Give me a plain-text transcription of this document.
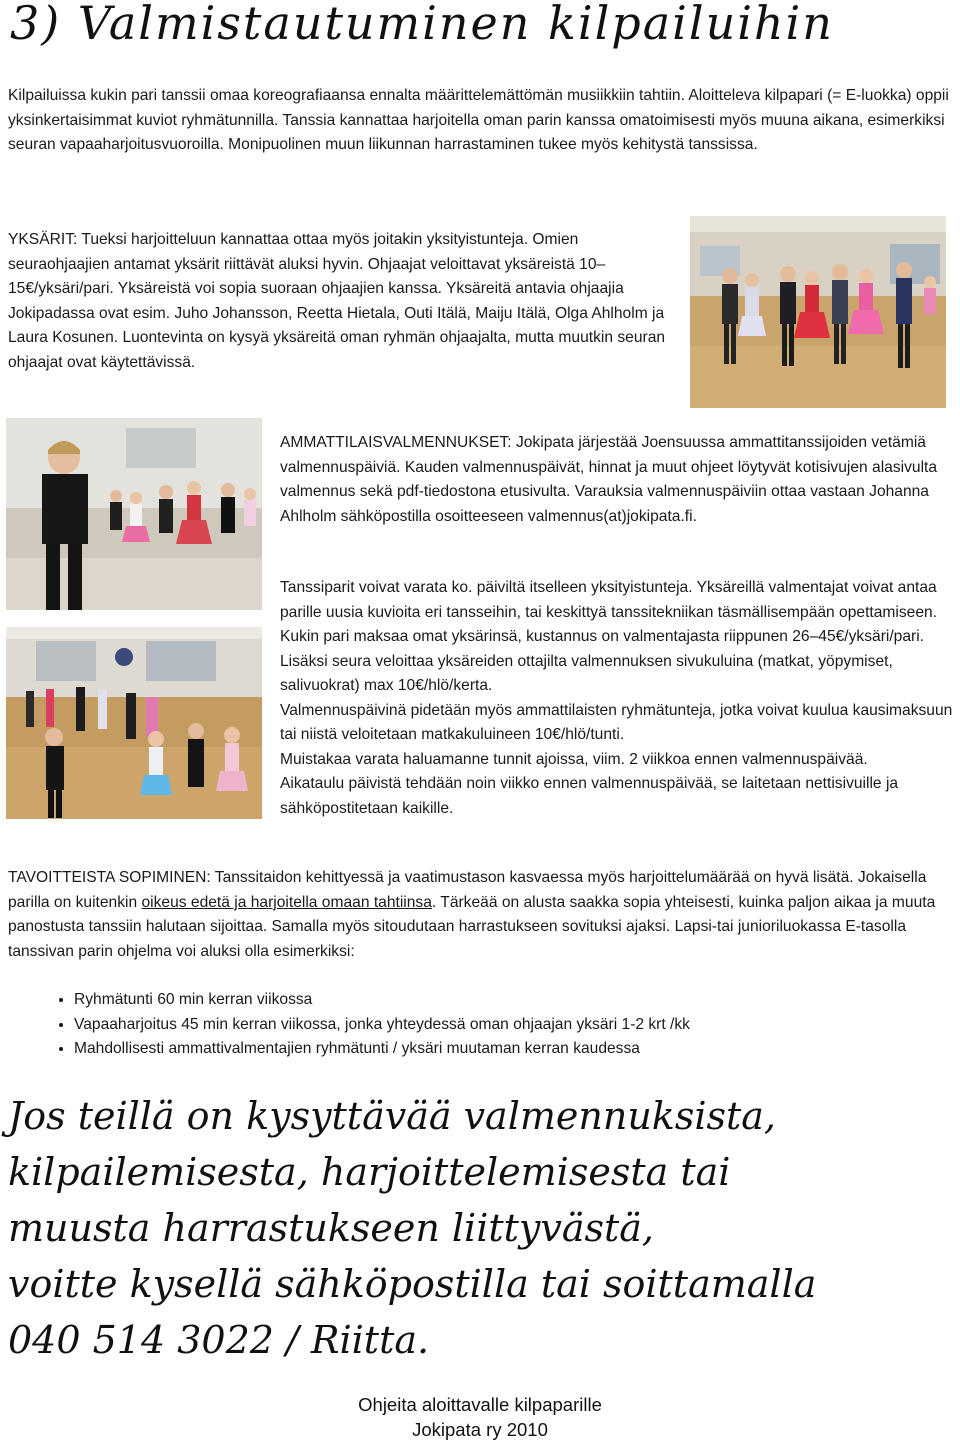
3) Valmistautuminen kilpailuihin

Kilpailuissa kukin pari tanssii omaa koreografiaansa ennalta määrittelemättömän musiikkiin tahtiin. Aloitteleva kilpapari (= E-luokka) oppii yksinkertaisimmat kuviot ryhmätunnilla. Tanssia kannattaa harjoitella oman parin kanssa omatoimisesti myös muuna aikana, esimerkiksi seuran vapaaharjoitusvuoroilla. Monipuolinen muun liikunnan harrastaminen tukee myös kehitystä tanssissa.

YKSÄRIT: Tueksi harjoitteluun kannattaa ottaa myös joitakin yksityistunteja. Omien seuraohjaajien antamat yksärit riittävät aluksi hyvin. Ohjaajat veloittavat yksäreistä 10–15€/yksäri/pari. Yksäreistä voi sopia suoraan ohjaajien kanssa. Yksäreitä antavia ohjaajia Jokipadassa ovat esim. Juho Johansson, Reetta Hietala, Outi Itälä, Maiju Itälä, Olga Ahlholm ja Laura Kosunen. Luontevinta on kysyä yksäreitä oman ryhmän ohjaajalta, mutta muutkin seuran ohjaajat ovat käytettävissä.

AMMATTILAISVALMENNUKSET: Jokipata järjestää Joensuussa ammattitanssijoiden vetämiä valmennuspäiviä. Kauden valmennuspäivät, hinnat ja muut ohjeet löytyvät kotisivujen alasivulta valmennus sekä pdf-tiedostona etusivulta. Varauksia valmennuspäiviin ottaa vastaan Johanna Ahlholm sähköpostilla osoitteeseen valmennus(at)jokipata.fi.

Tanssiparit voivat varata ko. päiviltä itselleen yksityistunteja. Yksäreillä valmentajat voivat antaa parille uusia kuvioita eri tansseihin, tai keskittyä tanssitekniikan täsmällisempään opettamiseen. Kukin pari maksaa omat yksärinsä, kustannus on valmentajasta riippunen 26–45€/yksäri/pari. Lisäksi seura veloittaa yksäreiden ottajilta valmennuksen sivukuluina (matkat, yöpymiset, salivuokrat) max 10€/hlö/kerta.
Valmennuspäivinä pidetään myös ammattilaisten ryhmätunteja, jotka voivat kuulua kausimaksuun tai niistä veloitetaan matkakuluineen 10€/hlö/tunti.
Muistakaa varata haluamanne tunnit ajoissa, viim. 2 viikkoa ennen valmennuspäivää.
Aikataulu päivistä tehdään noin viikko ennen valmennuspäivää, se laitetaan nettisivuille ja sähköpostitetaan kaikille.

TAVOITTEISTA SOPIMINEN: Tanssitaidon kehittyessä ja vaatimustason kasvaessa myös harjoittelumäärää on hyvä lisätä. Jokaisella parilla on kuitenkin oikeus edetä ja harjoitella omaan tahtiinsa. Tärkeää on alusta saakka sopia yhteisesti, kuinka paljon aikaa ja muuta panostusta tanssiin halutaan sijoittaa. Samalla myös sitoudutaan harrastukseen sovituksi ajaksi. Lapsi-tai junioriluokassa E-tasolla tanssivan parin ohjelma voi aluksi olla esimerkiksi:

• Ryhmätunti 60 min kerran viikossa
• Vapaaharjoitus 45 min kerran viikossa, jonka yhteydessä oman ohjaajan yksäri 1-2 krt /kk
• Mahdollisesti ammattivalmentajien ryhmätunti / yksäri muutaman kerran kaudessa
Jos teillä on kysyttävää valmennuksista,
kilpailemisesta, harjoittelemisesta tai
muusta harrastukseen liittyvästä,
voitte kysellä sähköpostilla tai soittamalla
040 514 3022 / Riitta.
Ohjeita aloittavalle kilpaparille
Jokipata ry 2010
